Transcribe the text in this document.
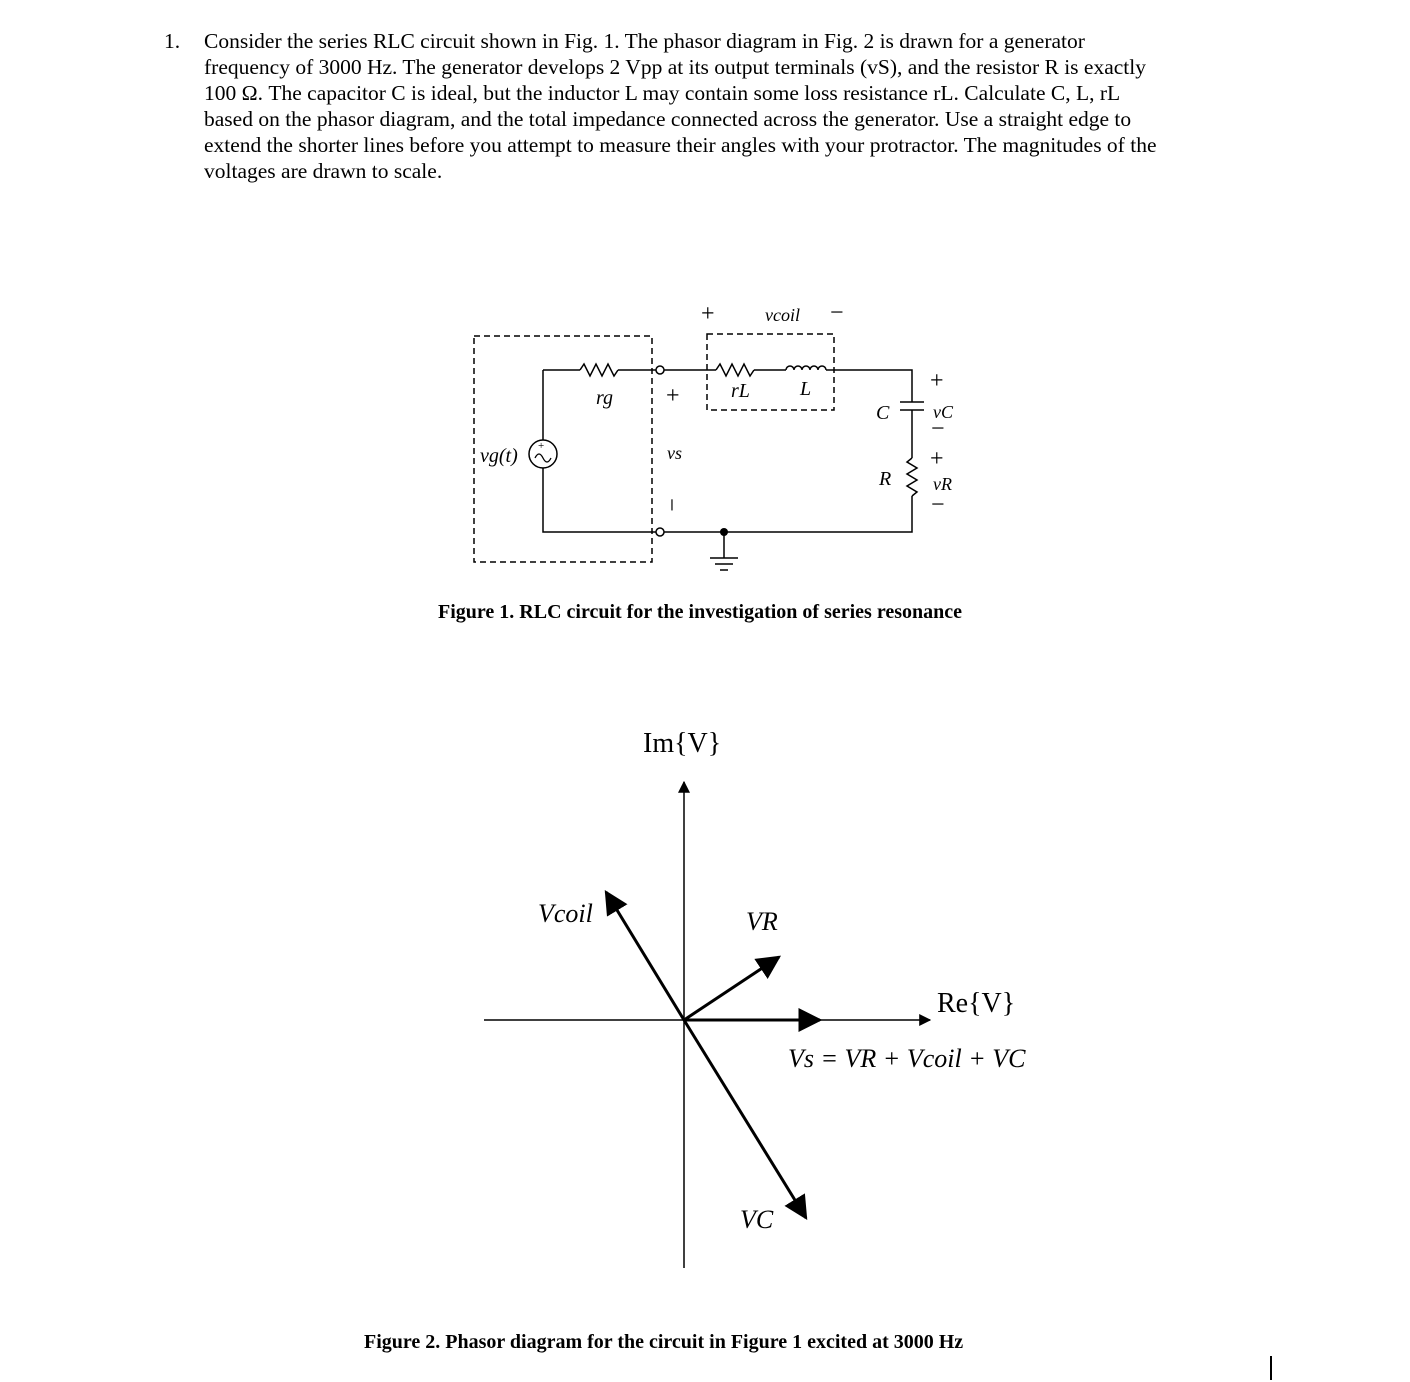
1. Consider the series RLC circuit shown in Fig. 1. The phasor diagram in Fig. 2 is drawn for a generator
frequency of 3000 Hz. The generator develops 2 Vpp at its output terminals (vS), and the resistor R is exactly
100 Ω. The capacitor C is ideal, but the inductor L may contain some loss resistance rL. Calculate C, L, rL
based on the phasor diagram, and the total impedance connected across the generator. Use a straight edge to
extend the shorter lines before you attempt to measure their angles with your protractor. The magnitudes of the
voltages are drawn to scale.
+
vg(t)
rg
vs
rL	L
C
R
vcoil
vC
vR
+	−
+
−
+
−
+
−
Figure 1. RLC circuit for the investigation of series resonance
Im{V}
Re{V}
Vcoil	VR
VC
Vs = VR + Vcoil + VC
Figure 2. Phasor diagram for the circuit in Figure 1 excited at 3000 Hz
